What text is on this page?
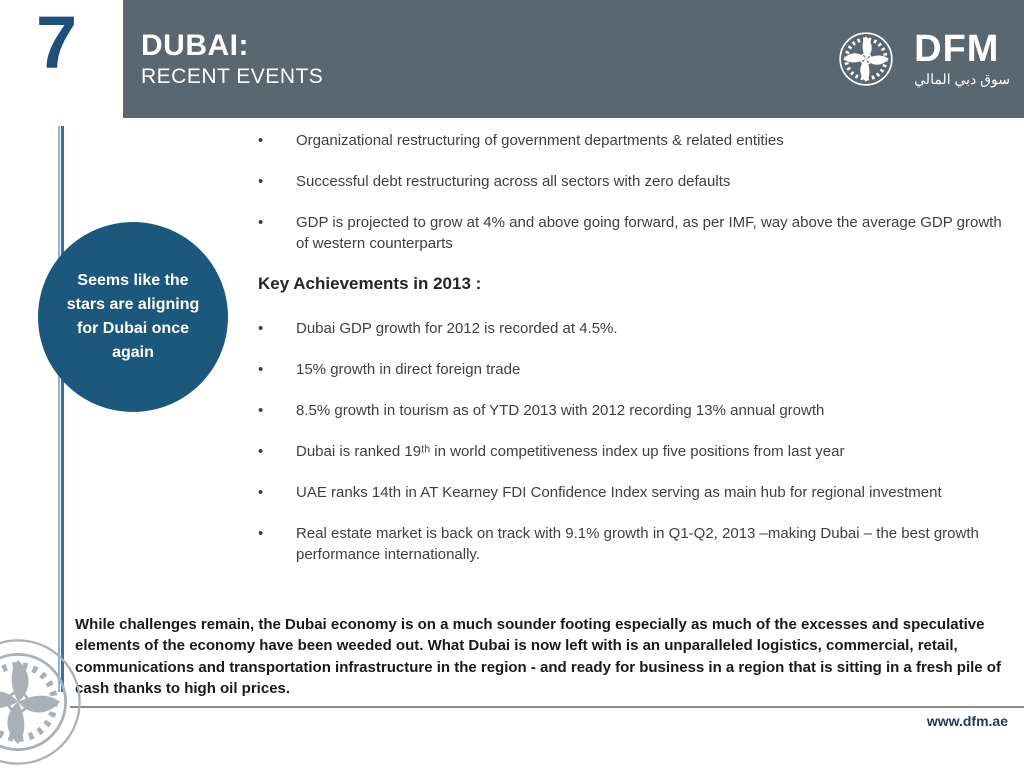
DUBAI:
RECENT EVENTS
DFM
سوق دبي المالي
7
Seems like the stars are aligning for Dubai once again
•
Organizational restructuring of government departments & related entities
•
Successful debt restructuring across all sectors with zero defaults
•
GDP is projected to grow at 4% and above going forward, as per IMF, way above the average GDP growth of western counterparts
Key Achievements in 2013 :
•
Dubai GDP growth for 2012 is recorded at 4.5%.
•
15% growth in direct foreign trade
•
8.5% growth in tourism as of YTD 2013 with 2012 recording 13% annual growth
•
Dubai is ranked 19ᵗʰ in world competitiveness index up five positions from last year
•
UAE ranks 14th in AT Kearney FDI Confidence Index serving as main hub for regional investment
•
Real estate market is back on track with 9.1% growth in Q1-Q2, 2013 –making Dubai – the best growth performance internationally.
While challenges remain, the Dubai economy is on a much sounder footing especially as much of the excesses and speculative elements of the economy have been weeded out. What Dubai is now left with is an unparalleled logistics, commercial, retail, communications and transportation infrastructure in the region - and ready for business in a region that is sitting in a fresh pile of cash thanks to high oil prices.
www.dfm.ae
